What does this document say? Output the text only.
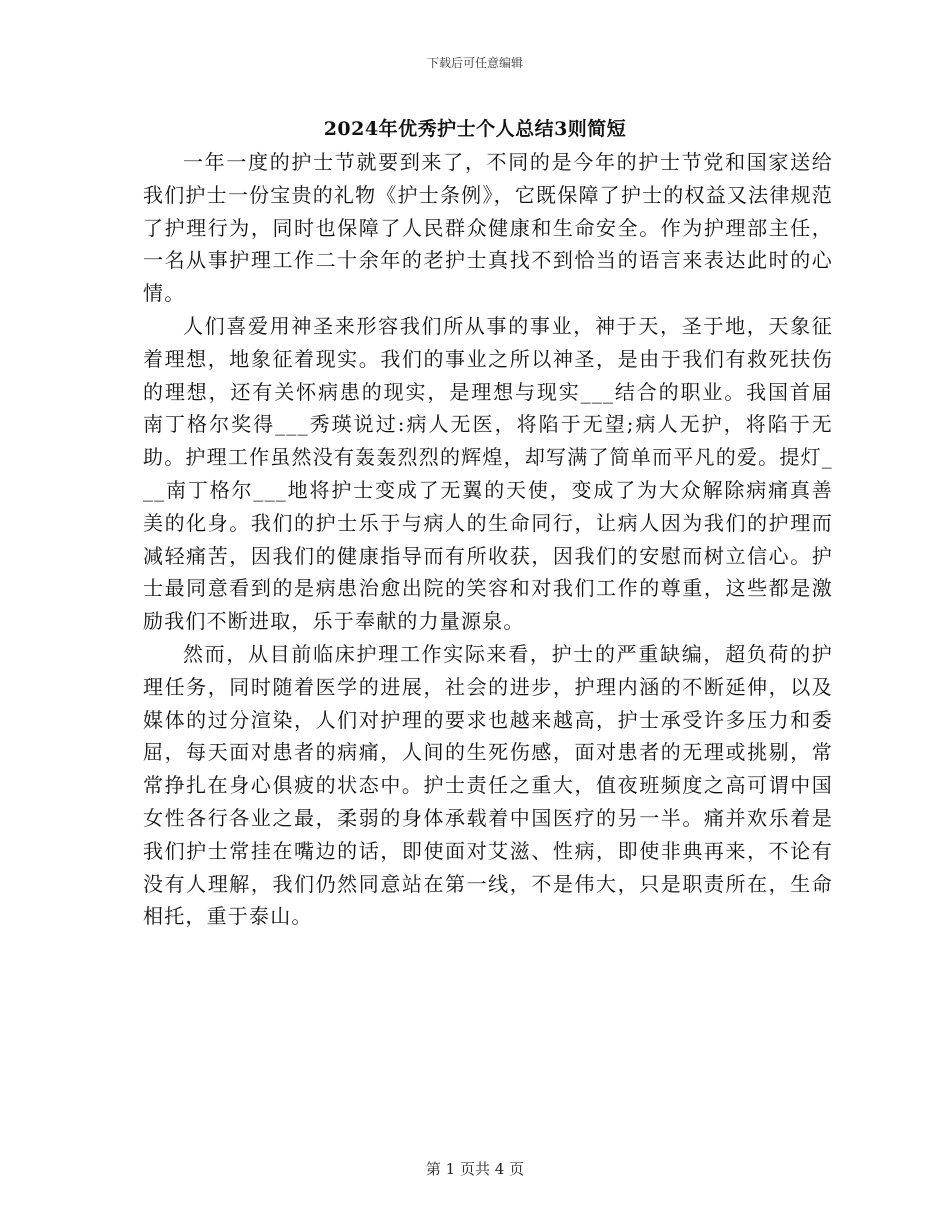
下载后可任意编辑
2024年优秀护士个人总结3则简短

一年一度的护士节就要到来了，不同的是今年的护士节党和国家送给我们护士一份宝贵的礼物《护士条例》，它既保障了护士的权益又法律规范了护理行为，同时也保障了人民群众健康和生命安全。作为护理部主任，一名从事护理工作二十余年的老护士真找不到恰当的语言来表达此时的心情。

人们喜爱用神圣来形容我们所从事的事业，神于天，圣于地，天象征着理想，地象征着现实。我们的事业之所以神圣，是由于我们有救死扶伤的理想，还有关怀病患的现实，是理想与现实___结合的职业。我国首届南丁格尔奖得___秀瑛说过:病人无医，将陷于无望;病人无护，将陷于无助。护理工作虽然没有轰轰烈烈的辉煌，却写满了简单而平凡的爱。提灯___南丁格尔___地将护士变成了无翼的天使，变成了为大众解除病痛真善美的化身。我们的护士乐于与病人的生命同行，让病人因为我们的护理而减轻痛苦，因我们的健康指导而有所收获，因我们的安慰而树立信心。护士最同意看到的是病患治愈出院的笑容和对我们工作的尊重，这些都是激励我们不断进取，乐于奉献的力量源泉。

然而，从目前临床护理工作实际来看，护士的严重缺编，超负荷的护理任务，同时随着医学的进展，社会的进步，护理内涵的不断延伸，以及媒体的过分渲染，人们对护理的要求也越来越高，护士承受许多压力和委屈，每天面对患者的病痛，人间的生死伤感，面对患者的无理或挑剔，常常挣扎在身心俱疲的状态中。护士责任之重大，值夜班频度之高可谓中国女性各行各业之最，柔弱的身体承载着中国医疗的另一半。痛并欢乐着是我们护士常挂在嘴边的话，即使面对艾滋、性病，即使非典再来，不论有没有人理解，我们仍然同意站在第一线，不是伟大，只是职责所在，生命相托，重于泰山。

第 1 页共 4 页
